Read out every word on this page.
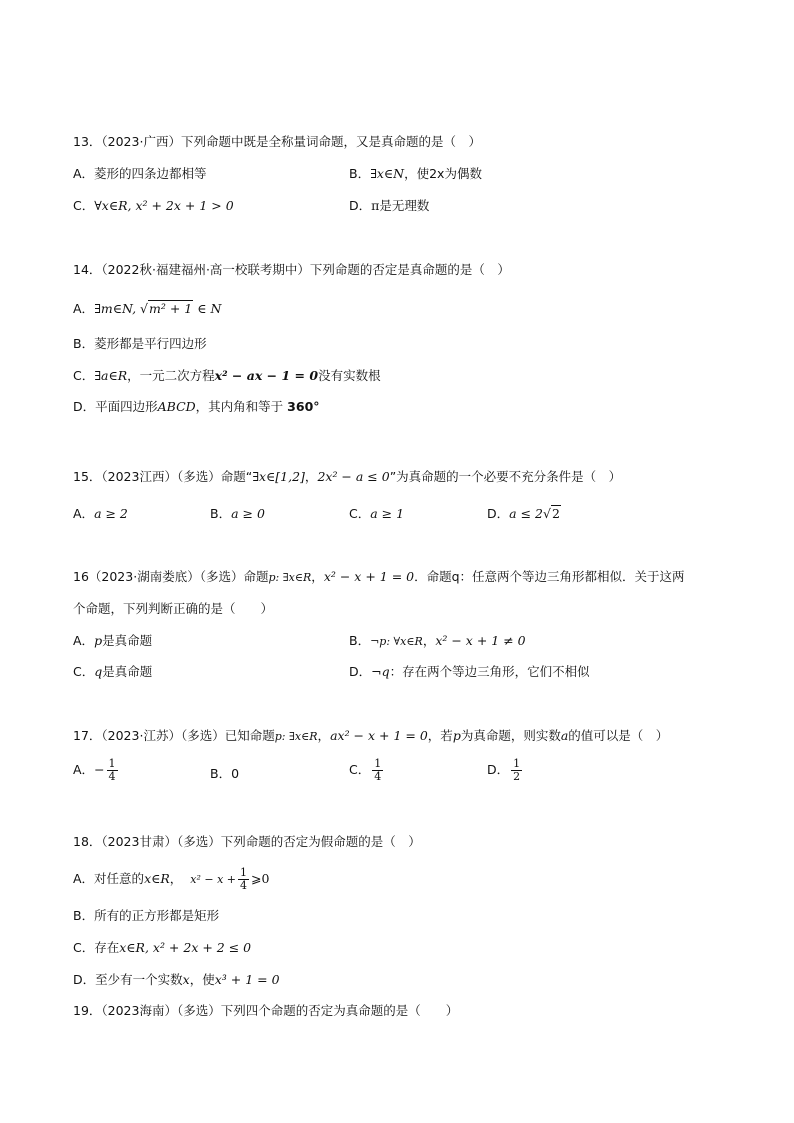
13．（2023·广西）下列命题中既是全称量词命题，又是真命题的是（　）
A．菱形的四条边都相等	B．∃x∈N，使2x为偶数
C．∀x∈R, x² + 2x + 1 > 0	D．π是无理数
14．（2022秋·福建福州·高一校联考期中）下列命题的否定是真命题的是（　）
A．∃m∈N, √m² + 1 ∈ N
B．菱形都是平行四边形
C．∃a∈R，一元二次方程x² − ax − 1 = 0没有实数根
D．平面四边形ABCD，其内角和等于 360°
15．（2023江西）（多选）命题“∃x∈[1,2]，2x² − a ≤ 0”为真命题的一个必要不充分条件是（　）
A．a ≥ 2	B．a ≥ 0	C．a ≥ 1	D．a ≤ 2√2
16（2023·湖南娄底）（多选）命题p: ∃x∈R，x² − x + 1 = 0．命题q：任意两个等边三角形都相似．关于这两
个命题，下列判断正确的是（　　）
A．p是真命题	B．¬p: ∀x∈R，x² − x + 1 ≠ 0
C．q是真命题	D．¬q：存在两个等边三角形，它们不相似
17．（2023·江苏）（多选）已知命题p: ∃x∈R，ax² − x + 1 = 0，若p为真命题，则实数a的值可以是（　）
A．− $\frac{1}{4}$	B．0	C． $\frac{1}{4}$	D． $\frac{1}{2}$
18．（2023甘肃）（多选）下列命题的否定为假命题的是（　）
A．对任意的x∈R， $x^2 - x + \frac{1}{4}$ ⩾0
B．所有的正方形都是矩形
C．存在x∈R, x² + 2x + 2 ≤ 0
D．至少有一个实数x，使x³ + 1 = 0
19．（2023海南）（多选）下列四个命题的否定为真命题的是（　　）
